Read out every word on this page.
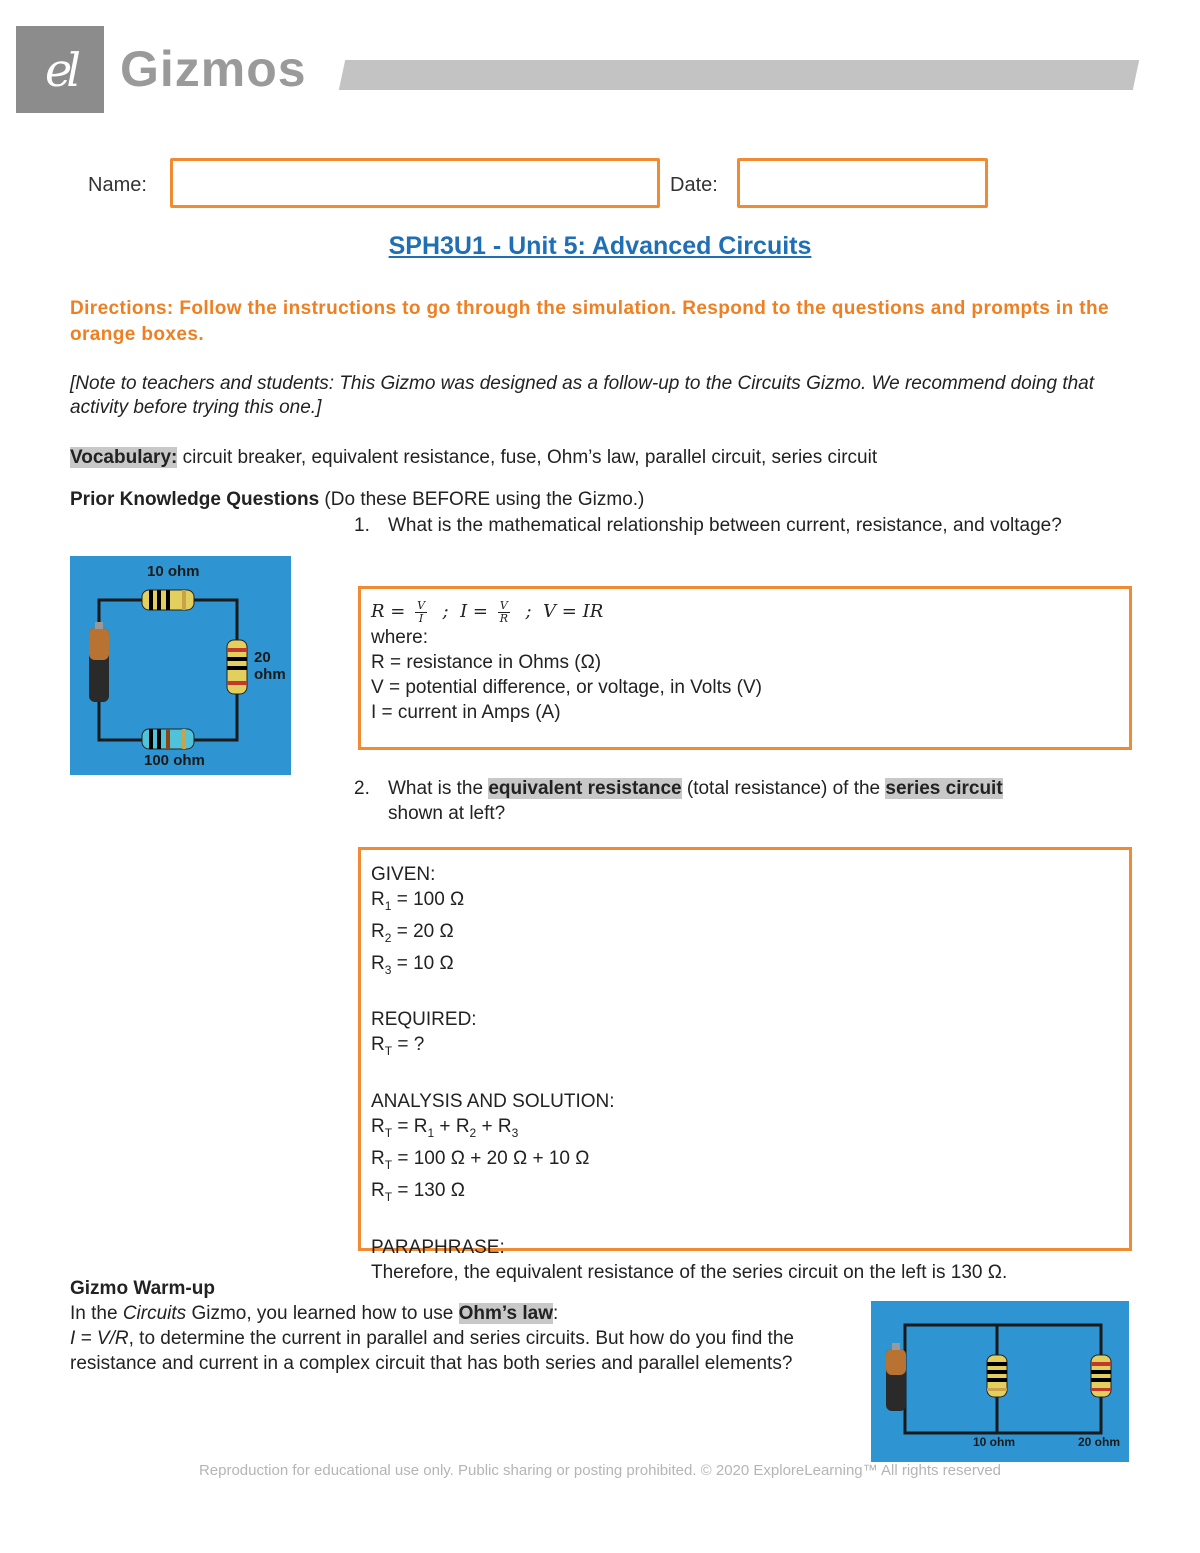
el Gizmos
Name:	Date:
SPH3U1 - Unit 5: Advanced Circuits
Directions: Follow the instructions to go through the simulation. Respond to the questions and prompts in the orange boxes.
[Note to teachers and students: This Gizmo was designed as a follow-up to the Circuits Gizmo. We recommend doing that activity before trying this one.]
Vocabulary: circuit breaker, equivalent resistance, fuse, Ohm’s law, parallel circuit, series circuit
Prior Knowledge Questions (Do these BEFORE using the Gizmo.)
1. What is the mathematical relationship between current, resistance, and voltage?
10 ohm
20
ohm
100 ohm

$R = \frac{V}{I}$ ; $I = \frac{V}{R}$ ; V = IR

where:

R = resistance in Ohms (Ω)

V = potential difference, or voltage, in Volts (V)

I = current in Amps (A)

2. What is the equivalent resistance (total resistance) of the series circuit
shown at left?

GIVEN:

$R_1 = 100$ Ω

$R_2 = 20$ Ω

$R_3 = 10$ Ω

REQUIRED:

$R_T$ = ?

ANALYSIS AND SOLUTION:

$R_T = R_1 + R_2 + R_3$

$R_T = 100$ Ω + 20 Ω + 10 Ω

$R_T = 130$ Ω

PARAPHRASE:

Therefore, the equivalent resistance of the series circuit on the left is 130 Ω.

Gizmo Warm-up
In the Circuits Gizmo, you learned how to use Ohm’s law:
I = V/R, to determine the current in parallel and series circuits. But how do you find the resistance and current in a complex circuit that has both series and parallel elements?
10 ohm	20 ohm
Reproduction for educational use only. Public sharing or posting prohibited. © 2020 ExploreLearning™ All rights reserved
